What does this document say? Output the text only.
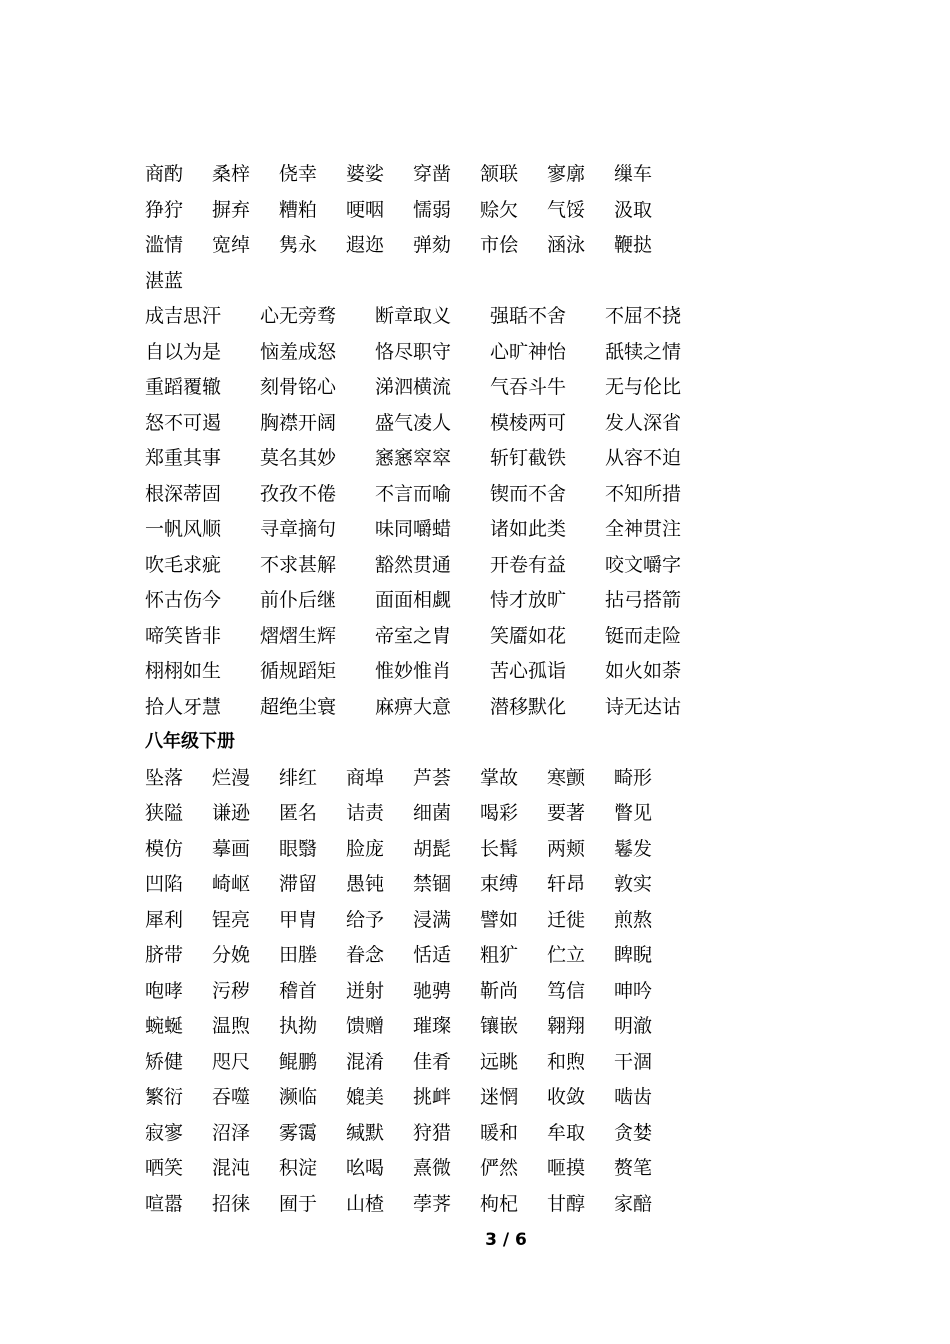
商酌 桑梓 侥幸 婆娑 穿凿 颔联 寥廓 缫车
狰狞 摒弃 糟粕 哽咽 懦弱 赊欠 气馁 汲取
滥情 宽绰 隽永 遐迩 弹劾 市侩 涵泳 鞭挞
湛蓝
成吉思汗 心无旁骛 断章取义 强聒不舍 不屈不挠
自以为是 恼羞成怒 恪尽职守 心旷神怡 舐犊之情
重蹈覆辙 刻骨铭心 涕泗横流 气吞斗牛 无与伦比
怒不可遏 胸襟开阔 盛气凌人 模棱两可 发人深省
郑重其事 莫名其妙 窸窸窣窣 斩钉截铁 从容不迫
根深蒂固 孜孜不倦 不言而喻 锲而不舍 不知所措
一帆风顺 寻章摘句 味同嚼蜡 诸如此类 全神贯注
吹毛求疵 不求甚解 豁然贯通 开卷有益 咬文嚼字
怀古伤今 前仆后继 面面相觑 恃才放旷 拈弓搭箭
啼笑皆非 熠熠生辉 帝室之胄 笑靥如花 铤而走险
栩栩如生 循规蹈矩 惟妙惟肖 苦心孤诣 如火如荼
拾人牙慧 超绝尘寰 麻痹大意 潜移默化 诗无达诂
八年级下册
坠落 烂漫 绯红 商埠 芦荟 掌故 寒颤 畸形
狭隘 谦逊 匿名 诘责 细菌 喝彩 要著 瞥见
模仿 摹画 眼翳 脸庞 胡髭 长髯 两颊 鬈发
凹陷 崎岖 滞留 愚钝 禁锢 束缚 轩昂 敦实
犀利 锃亮 甲胄 给予 浸满 譬如 迁徙 煎熬
脐带 分娩 田塍 眷念 恬适 粗犷 伫立 睥睨
咆哮 污秽 稽首 迸射 驰骋 靳尚 笃信 呻吟
蜿蜒 温煦 执拗 馈赠 璀璨 镶嵌 翱翔 明澈
矫健 咫尺 鲲鹏 混淆 佳肴 远眺 和煦 干涸
繁衍 吞噬 濒临 媲美 挑衅 迷惘 收敛 啮齿
寂寥 沼泽 雾霭 缄默 狩猎 暖和 牟取 贪婪
哂笑 混沌 积淀 吆喝 熹微 俨然 咂摸 赘笔
喧嚣 招徕 囿于 山楂 荸荠 枸杞 甘醇 家醅
3 / 6
